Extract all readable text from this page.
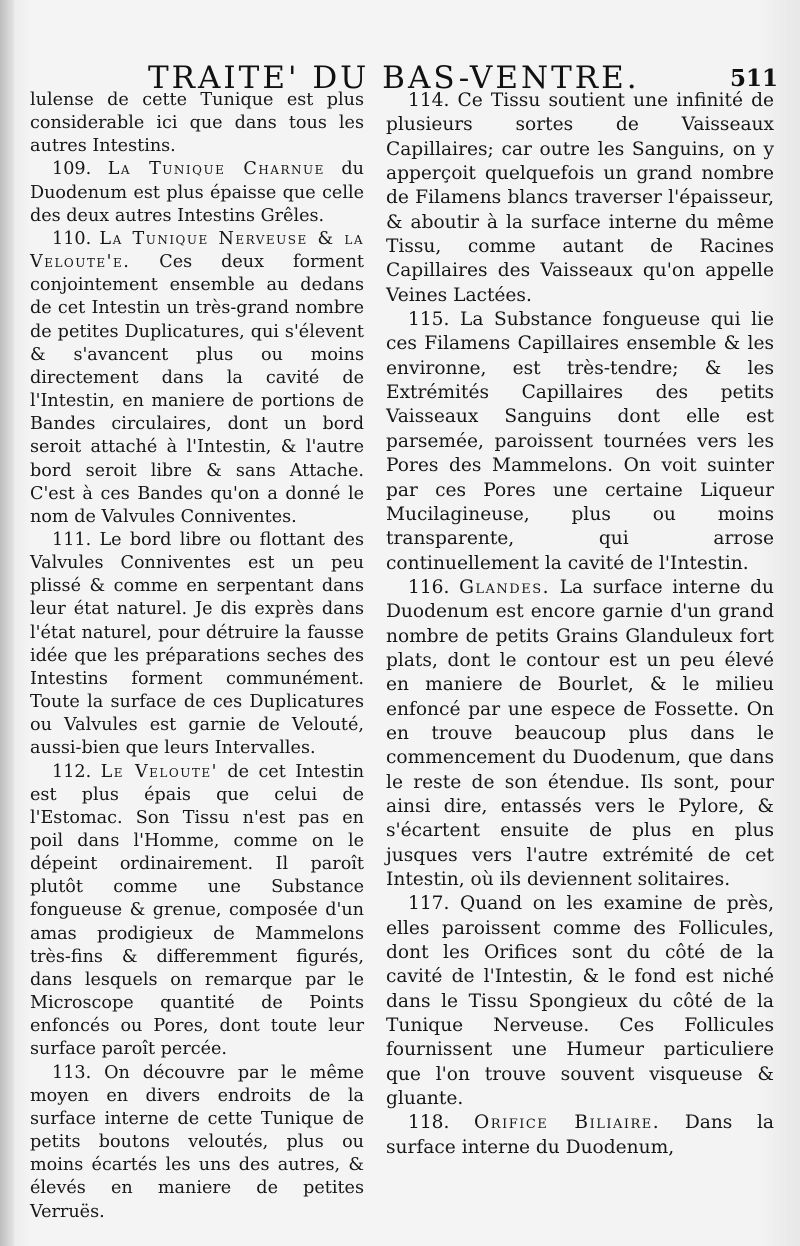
TRAITE' DU BAS-VENTRE.	511

lulense de cette Tunique est plus considerable ici que dans tous les autres Intestins.

109. La Tunique Charnue du Duodenum est plus épaisse que celle des deux autres Intestins Grêles.

110. La Tunique Nerveuse & la Veloute'e. Ces deux forment conjointement ensemble au dedans de cet Intestin un très-grand nombre de petites Duplicatures, qui s'élevent & s'avancent plus ou moins directement dans la cavité de l'Intestin, en maniere de portions de Bandes circulaires, dont un bord seroit attaché à l'Intestin, & l'autre bord seroit libre & sans Attache. C'est à ces Bandes qu'on a donné le nom de Valvules Conniventes.

111. Le bord libre ou flottant des Valvules Conniventes est un peu plissé & comme en serpentant dans leur état naturel. Je dis exprès dans l'état naturel, pour détruire la fausse idée que les préparations seches des Intestins forment communément. Toute la surface de ces Duplicatures ou Valvules est garnie de Velouté, aussi-bien que leurs Intervalles.

112. Le Veloute' de cet Intestin est plus épais que celui de l'Estomac. Son Tissu n'est pas en poil dans l'Homme, comme on le dépeint ordinairement. Il paroît plutôt comme une Substance fongueuse & grenue, composée d'un amas prodigieux de Mammelons très-fins & differemment figurés, dans lesquels on remarque par le Microscope quantité de Points enfoncés ou Pores, dont toute leur surface paroît percée.

113. On découvre par le même moyen en divers endroits de la surface interne de cette Tunique de petits boutons veloutés, plus ou moins écartés les uns des autres, & élevés en maniere de petites Verruës.

114. Ce Tissu soutient une infinité de plusieurs sortes de Vaisseaux Capillaires; car outre les Sanguins, on y apperçoit quelquefois un grand nombre de Filamens blancs traverser l'épaisseur, & aboutir à la surface interne du même Tissu, comme autant de Racines Capillaires des Vaisseaux qu'on appelle Veines Lactées.

115. La Substance fongueuse qui lie ces Filamens Capillaires ensemble & les environne, est très-tendre; & les Extrémités Capillaires des petits Vaisseaux Sanguins dont elle est parsemée, paroissent tournées vers les Pores des Mammelons. On voit suinter par ces Pores une certaine Liqueur Mucilagineuse, plus ou moins transparente, qui arrose continuellement la cavité de l'Intestin.

116. Glandes. La surface interne du Duodenum est encore garnie d'un grand nombre de petits Grains Glanduleux fort plats, dont le contour est un peu élevé en maniere de Bourlet, & le milieu enfoncé par une espece de Fossette. On en trouve beaucoup plus dans le commencement du Duodenum, que dans le reste de son étendue. Ils sont, pour ainsi dire, entassés vers le Pylore, & s'écartent ensuite de plus en plus jusques vers l'autre extrémité de cet Intestin, où ils deviennent solitaires.

117. Quand on les examine de près, elles paroissent comme des Follicules, dont les Orifices sont du côté de la cavité de l'Intestin, & le fond est niché dans le Tissu Spongieux du côté de la Tunique Nerveuse. Ces Follicules fournissent une Humeur particuliere que l'on trouve souvent visqueuse & gluante.

118. Orifice Biliaire. Dans la surface interne du Duodenum,
